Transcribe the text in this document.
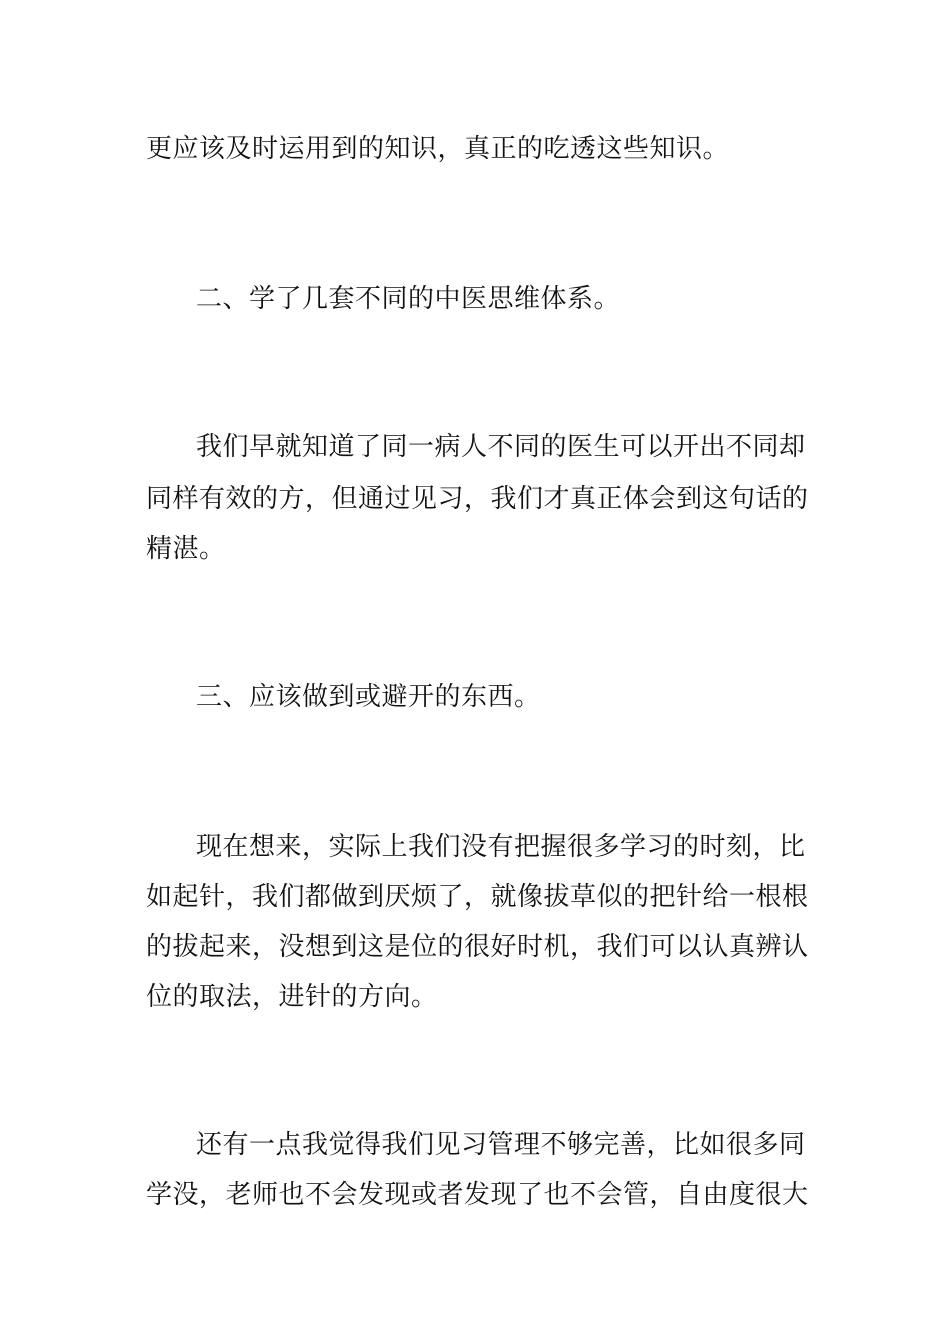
更应该及时运用到的知识，真正的吃透这些知识。
二、学了几套不同的中医思维体系。
我们早就知道了同一病人不同的医生可以开出不同却
同样有效的方，但通过见习，我们才真正体会到这句话的
精湛。
三、应该做到或避开的东西。
现在想来，实际上我们没有把握很多学习的时刻，比
如起针，我们都做到厌烦了，就像拔草似的把针给一根根
的拔起来，没想到这是位的很好时机，我们可以认真辨认
位的取法，进针的方向。
还有一点我觉得我们见习管理不够完善，比如很多同
学没，老师也不会发现或者发现了也不会管，自由度很大
